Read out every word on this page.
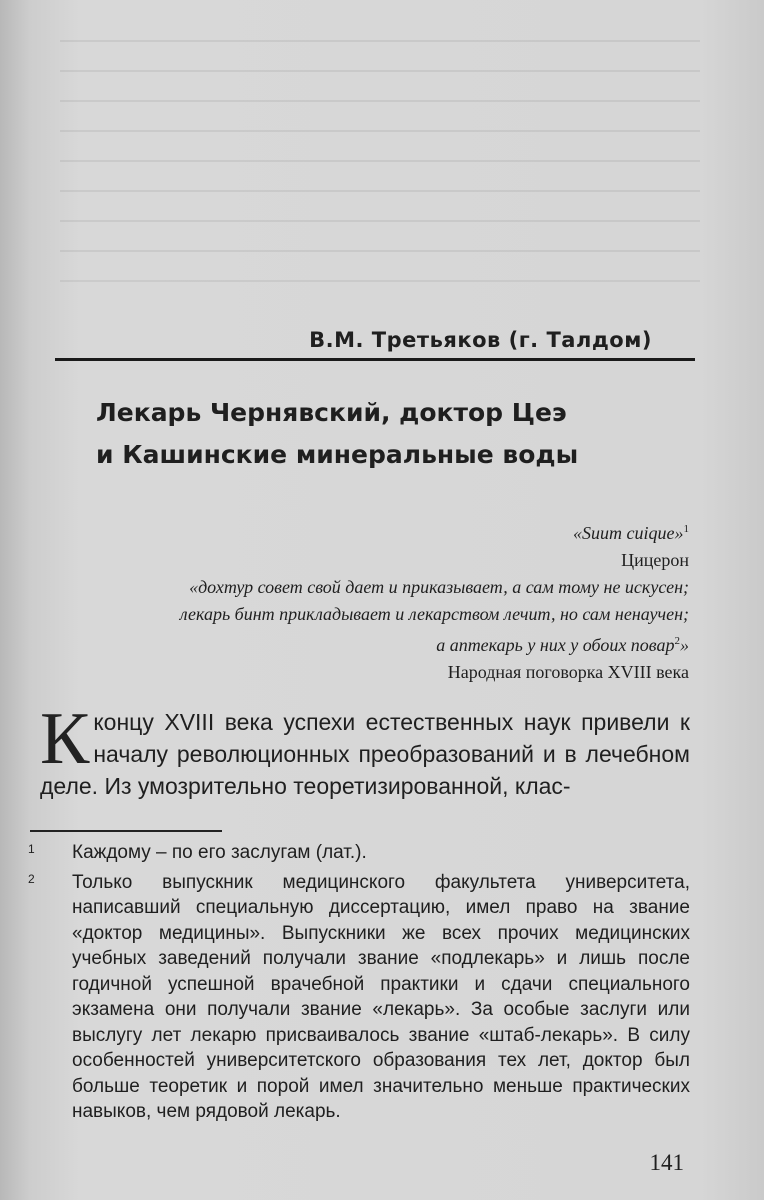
В.М. Третьяков (г. Талдом)
Лекарь Чернявский, доктор Цеэ
и Кашинские минеральные воды
«Suum cuique»$^1$
Цицерон
«дохтур совет свой дает и приказывает, а сам тому не искусен;
лекарь бинт прикладывает и лекарством лечит, но сам ненаучен;
а аптекарь у них у обоих повар$^2$»
Народная поговорка XVIII века
К концу XVIII века успехи естественных наук привели к началу революционных преобразований и в лечебном деле. Из умозрительно теоретизированной, клас-
1 Каждому – по его заслугам (лат.).
2 Только выпускник медицинского факультета университета, написавший специальную диссертацию, имел право на звание «доктор медицины». Выпускники же всех прочих медицинских учебных заведений получали звание «подлекарь» и лишь после годичной успешной врачебной практики и сдачи специального экзамена они получали звание «лекарь». За особые заслуги или выслугу лет лекарю присваивалось звание «штаб-лекарь». В силу особенностей университетского образования тех лет, доктор был больше теоретик и порой имел значительно меньше практических навыков, чем рядовой лекарь.
141
